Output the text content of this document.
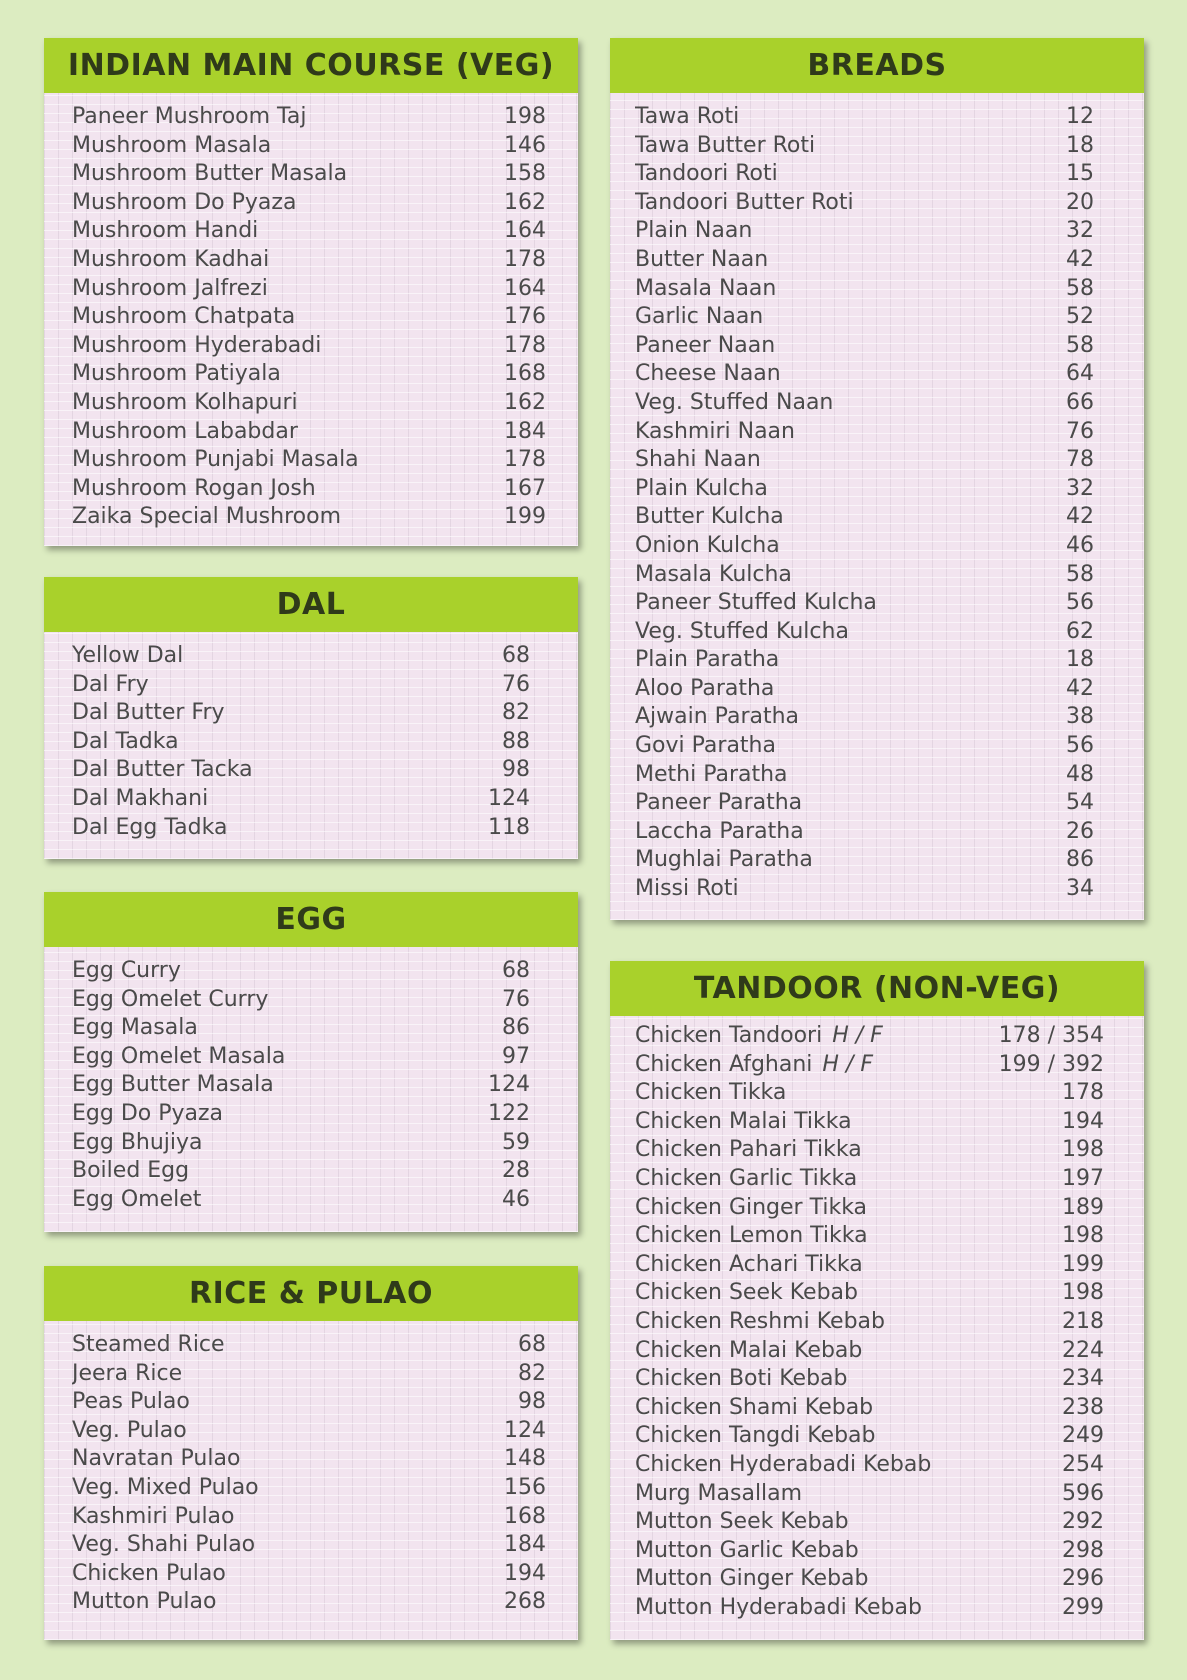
INDIAN MAIN COURSE (VEG)
Paneer Mushroom Taj	198
Mushroom Masala	146
Mushroom Butter Masala	158
Mushroom Do Pyaza	162
Mushroom Handi	164
Mushroom Kadhai	178
Mushroom Jalfrezi	164
Mushroom Chatpata	176
Mushroom Hyderabadi	178
Mushroom Patiyala	168
Mushroom Kolhapuri	162
Mushroom Lababdar	184
Mushroom Punjabi Masala	178
Mushroom Rogan Josh	167
Zaika Special Mushroom	199
DAL
Yellow Dal	68
Dal Fry	76
Dal Butter Fry	82
Dal Tadka	88
Dal Butter Tacka	98
Dal Makhani	124
Dal Egg Tadka	118
EGG
Egg Curry	68
Egg Omelet Curry	76
Egg Masala	86
Egg Omelet Masala	97
Egg Butter Masala	124
Egg Do Pyaza	122
Egg Bhujiya	59
Boiled Egg	28
Egg Omelet	46
RICE & PULAO
Steamed Rice	68
Jeera Rice	82
Peas Pulao	98
Veg. Pulao	124
Navratan Pulao	148
Veg. Mixed Pulao	156
Kashmiri Pulao	168
Veg. Shahi Pulao	184
Chicken Pulao	194
Mutton Pulao	268
BREADS
Tawa Roti	12
Tawa Butter Roti	18
Tandoori Roti	15
Tandoori Butter Roti	20
Plain Naan	32
Butter Naan	42
Masala Naan	58
Garlic Naan	52
Paneer Naan	58
Cheese Naan	64
Veg. Stuffed Naan	66
Kashmiri Naan	76
Shahi Naan	78
Plain Kulcha	32
Butter Kulcha	42
Onion Kulcha	46
Masala Kulcha	58
Paneer Stuffed Kulcha	56
Veg. Stuffed Kulcha	62
Plain Paratha	18
Aloo Paratha	42
Ajwain Paratha	38
Govi Paratha	56
Methi Paratha	48
Paneer Paratha	54
Laccha Paratha	26
Mughlai Paratha	86
Missi Roti	34
TANDOOR (NON-VEG)
Chicken Tandoori H / F	178 / 354
Chicken Afghani H / F	199 / 392
Chicken Tikka	178
Chicken Malai Tikka	194
Chicken Pahari Tikka	198
Chicken Garlic Tikka	197
Chicken Ginger Tikka	189
Chicken Lemon Tikka	198
Chicken Achari Tikka	199
Chicken Seek Kebab	198
Chicken Reshmi Kebab	218
Chicken Malai Kebab	224
Chicken Boti Kebab	234
Chicken Shami Kebab	238
Chicken Tangdi Kebab	249
Chicken Hyderabadi Kebab	254
Murg Masallam	596
Mutton Seek Kebab	292
Mutton Garlic Kebab	298
Mutton Ginger Kebab	296
Mutton Hyderabadi Kebab	299
